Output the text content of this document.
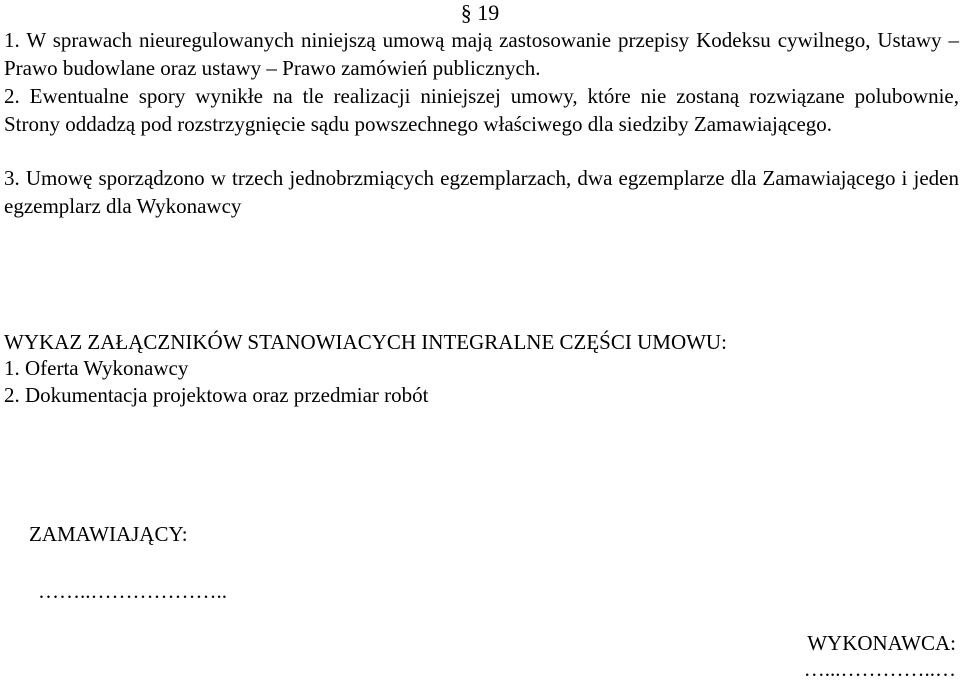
§ 19

1. W sprawach nieuregulowanych niniejszą umową mają zastosowanie przepisy Kodeksu cywilnego, Ustawy – Prawo budowlane oraz ustawy – Prawo zamówień publicznych.

2. Ewentualne spory wynikłe na tle realizacji niniejszej umowy, które nie zostaną rozwiązane polubownie, Strony oddadzą pod rozstrzygnięcie sądu powszechnego właściwego dla siedziby Zamawiającego.

3. Umowę sporządzono w trzech jednobrzmiących egzemplarzach, dwa egzemplarze dla Zamawiającego i jeden egzemplarz dla Wykonawcy

WYKAZ ZAŁĄCZNIKÓW STANOWIACYCH INTEGRALNE CZĘŚCI UMOWU:

1. Oferta Wykonawcy

2. Dokumentacja projektowa oraz przedmiar robót

ZAMAWIAJĄCY:
……..………………..
WYKONAWCA:
…...…………..…
